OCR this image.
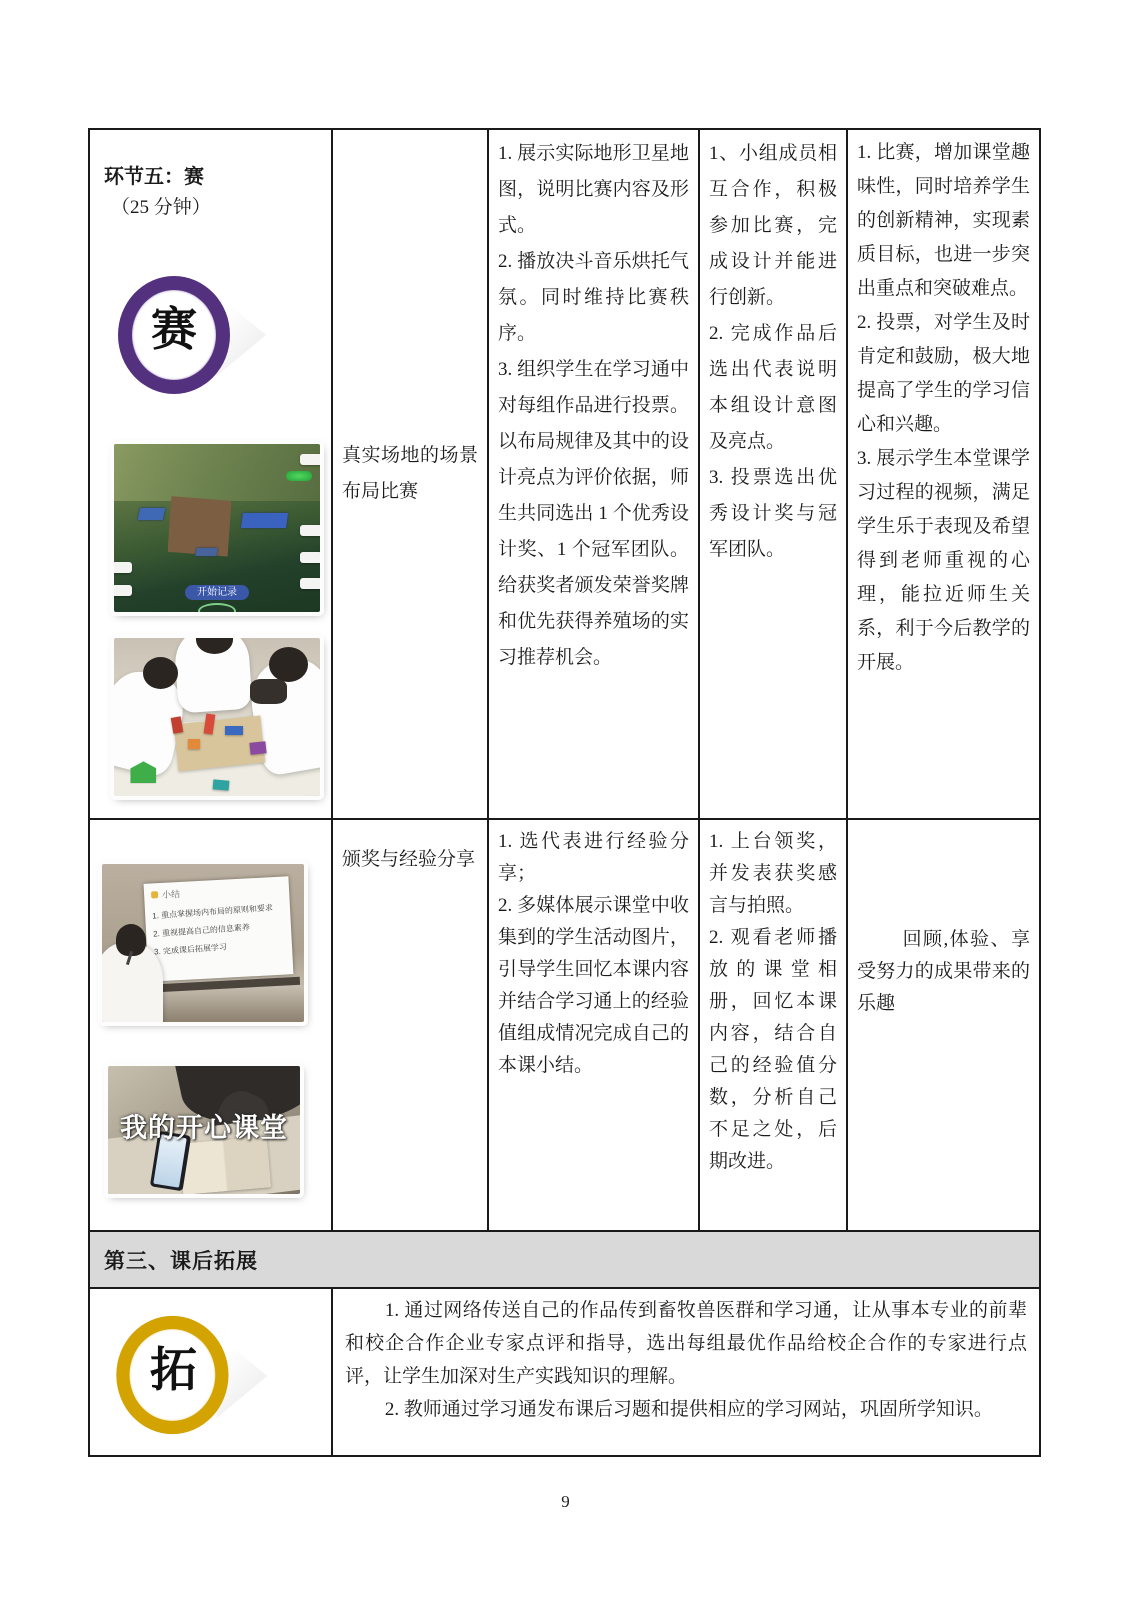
环节五：赛
（25 分钟）
赛
开始记录

真实场地的场景布局比赛

1. 展示实际地形卫星地图，说明比赛内容及形式。

2. 播放决斗音乐烘托气氛。同时维持比赛秩序。

3. 组织学生在学习通中对每组作品进行投票。以布局规律及其中的设计亮点为评价依据，师生共同选出 1 个优秀设计奖、1 个冠军团队。给获奖者颁发荣誉奖牌和优先获得养殖场的实习推荐机会。

1、小组成员相互合作，积极参加比赛，完成设计并能进行创新。

2. 完成作品后选出代表说明本组设计意图及亮点。

3. 投票选出优秀设计奖与冠军团队。

1. 比赛，增加课堂趣味性，同时培养学生的创新精神，实现素质目标，也进一步突出重点和突破难点。

2. 投票，对学生及时肯定和鼓励，极大地提高了学生的学习信心和兴趣。

3. 展示学生本堂课学习过程的视频，满足学生乐于表现及希望得到老师重视的心理，能拉近师生关系，利于今后教学的开展。

小结
1. 重点掌握场内布局的原则和要求
2. 重视提高自己的信息素养
3. 完成课后拓展学习
我的开心课堂

颁奖与经验分享

1. 选代表进行经验分享；

2. 多媒体展示课堂中收集到的学生活动图片，引导学生回忆本课内容并结合学习通上的经验值组成情况完成自己的本课小结。

1. 上台领奖，并发表获奖感言与拍照。

2. 观看老师播放的课堂相册，回忆本课内容，结合自己的经验值分数，分析自己不足之处，后期改进。

回顾,体验、享受努力的成果带来的乐趣

第三、课后拓展
拓

1. 通过网络传送自己的作品传到畜牧兽医群和学习通，让从事本专业的前辈和校企合作企业专家点评和指导，选出每组最优作品给校企合作的专家进行点评，让学生加深对生产实践知识的理解。

2. 教师通过学习通发布课后习题和提供相应的学习网站，巩固所学知识。

9
